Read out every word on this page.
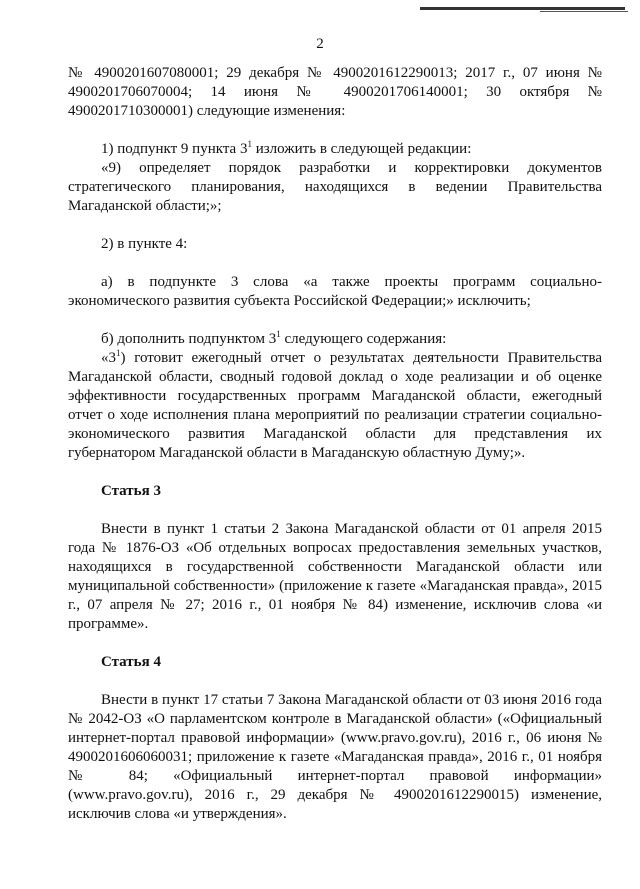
2

№ 4900201607080001; 29 декабря № 4900201612290013; 2017 г., 07 июня № 4900201706070004; 14 июня № 4900201706140001; 30 октября № 4900201710300001) следующие изменения:

1) подпункт 9 пункта $3^1$ изложить в следующей редакции:

«9) определяет порядок разработки и корректировки документов стратегического планирования, находящихся в ведении Правительства Магаданской области;»;

2) в пункте 4:

а) в подпункте 3 слова «а также проекты программ социально-экономического развития субъекта Российской Федерации;» исключить;

б) дополнить подпунктом $3^1$ следующего содержания:

«$3^1$) готовит ежегодный отчет о результатах деятельности Правительства Магаданской области, сводный годовой доклад о ходе реализации и об оценке эффективности государственных программ Магаданской области, ежегодный отчет о ходе исполнения плана мероприятий по реализации стратегии социально-экономического развития Магаданской области для представления их губернатором Магаданской области в Магаданскую областную Думу;».

Статья 3

Внести в пункт 1 статьи 2 Закона Магаданской области от 01 апреля 2015 года № 1876-ОЗ «Об отдельных вопросах предоставления земельных участков, находящихся в государственной собственности Магаданской области или муниципальной собственности» (приложение к газете «Магаданская правда», 2015 г., 07 апреля № 27; 2016 г., 01 ноября № 84) изменение, исключив слова «и программе».

Статья 4

Внести в пункт 17 статьи 7 Закона Магаданской области от 03 июня 2016 года № 2042-ОЗ «О парламентском контроле в Магаданской области» («Официальный интернет-портал правовой информации» (www.pravo.gov.ru), 2016 г., 06 июня № 4900201606060031; приложение к газете «Магаданская правда», 2016 г., 01 ноября № 84; «Официальный интернет-портал правовой информации» (www.pravo.gov.ru), 2016 г., 29 декабря № 4900201612290015) изменение, исключив слова «и утверждения».
